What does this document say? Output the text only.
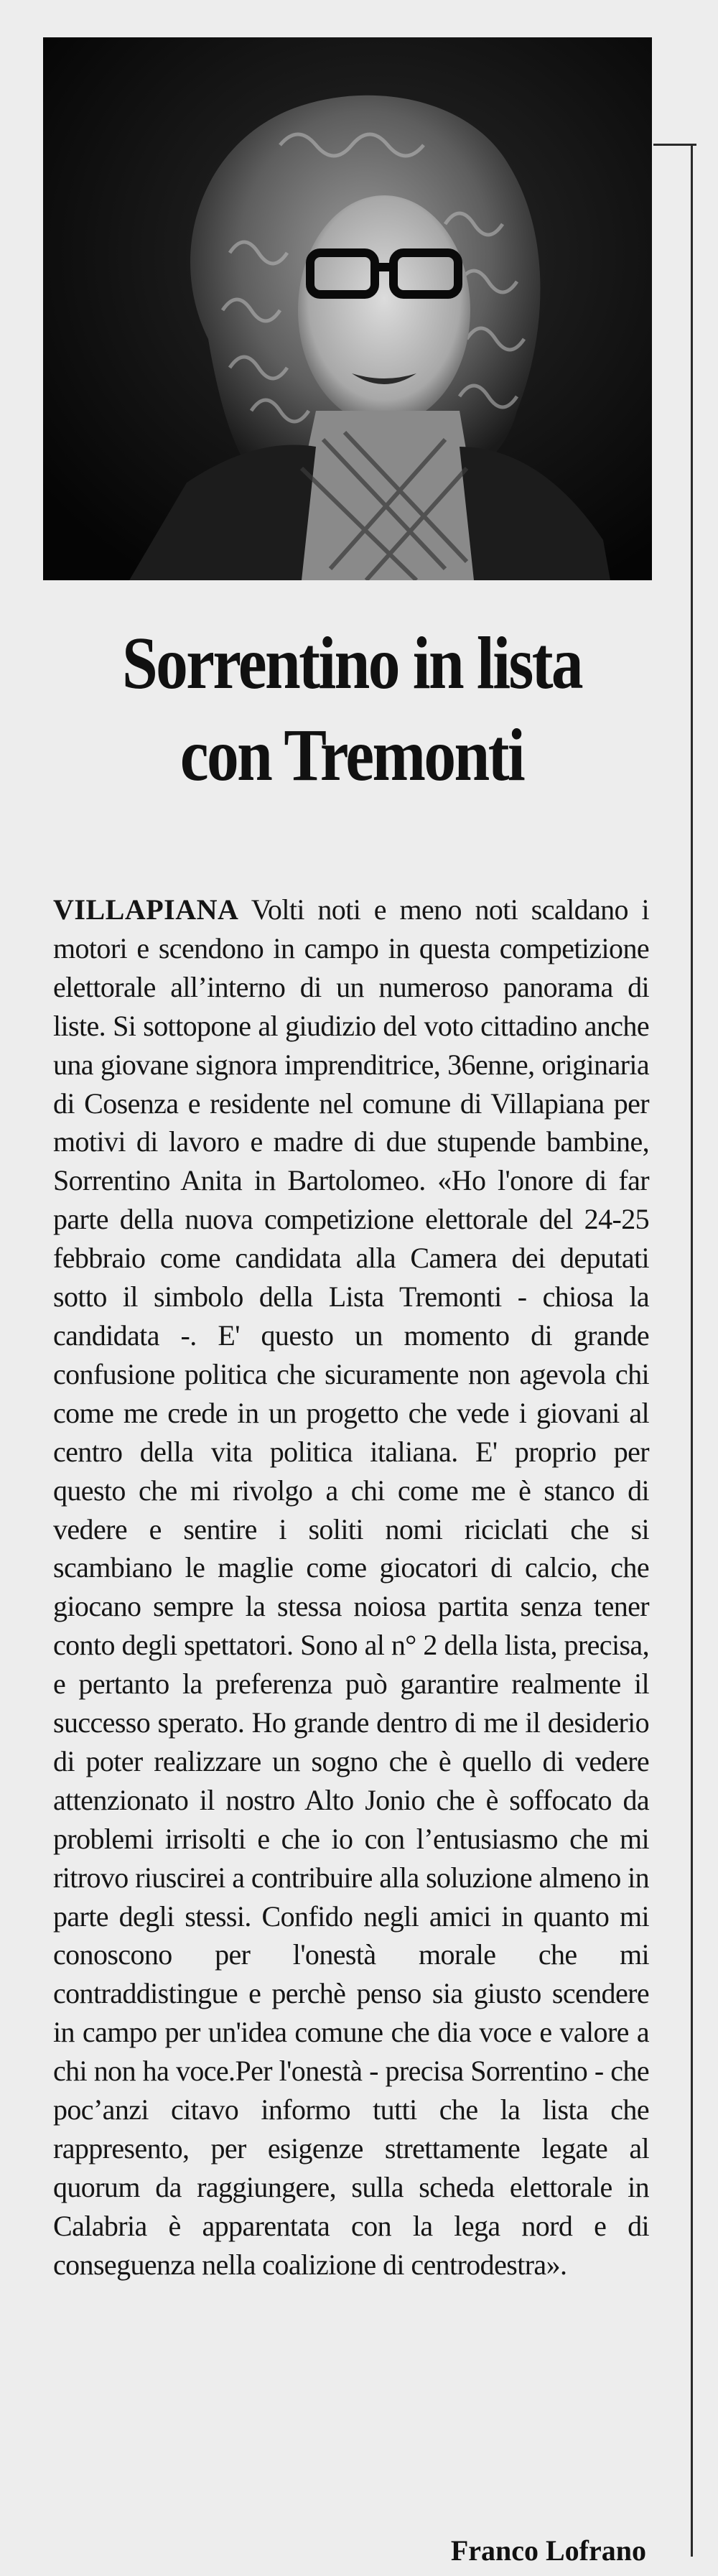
Sorrentino in lista
con Tremonti

VILLAPIANA Volti noti e meno noti scaldano i motori e scendono in campo in questa competizione elettorale all’interno di un numeroso panorama di liste. Si sottopone al giudizio del voto cittadino anche una giovane signora imprenditrice, 36enne, originaria di Cosenza e residente nel comune di Villapiana per motivi di lavoro e madre di due stupende bambine, Sorrentino Anita in Bartolomeo. «Ho l'onore di far parte della nuova competizione elettorale del 24-25 febbraio come candidata alla Camera dei deputati sotto il simbolo della Lista Tremonti - chiosa la candidata -. E' questo un momento di grande confusione politica che sicuramente non agevola chi come me crede in un progetto che vede i giovani al centro della vita politica italiana. E' proprio per questo che mi rivolgo a chi come me è stanco di vedere e sentire i soliti nomi riciclati che si scambiano le maglie come giocatori di calcio, che giocano sempre la stessa noiosa partita senza tener conto degli spettatori. Sono al n° 2 della lista, precisa, e pertanto la preferenza può garantire realmente il successo sperato. Ho grande dentro di me il desiderio di poter realizzare un sogno che è quello di vedere attenzionato il nostro Alto Jonio che è soffocato da problemi irrisolti e che io con l’entusiasmo che mi ritrovo riuscirei a contribuire alla soluzione almeno in parte degli stessi. Confido negli amici in quanto mi conoscono per l'onestà morale che mi contraddistingue e perchè penso sia giusto scendere in campo per un'idea comune che dia voce e valore a chi non ha voce.Per l'onestà - precisa Sorrentino - che poc’anzi citavo informo tutti che la lista che rappresento, per esigenze strettamente legate al quorum da raggiungere, sulla scheda elettorale in Calabria è apparentata con la lega nord e di conseguenza nella coalizione di centrodestra».

Franco Lofrano
